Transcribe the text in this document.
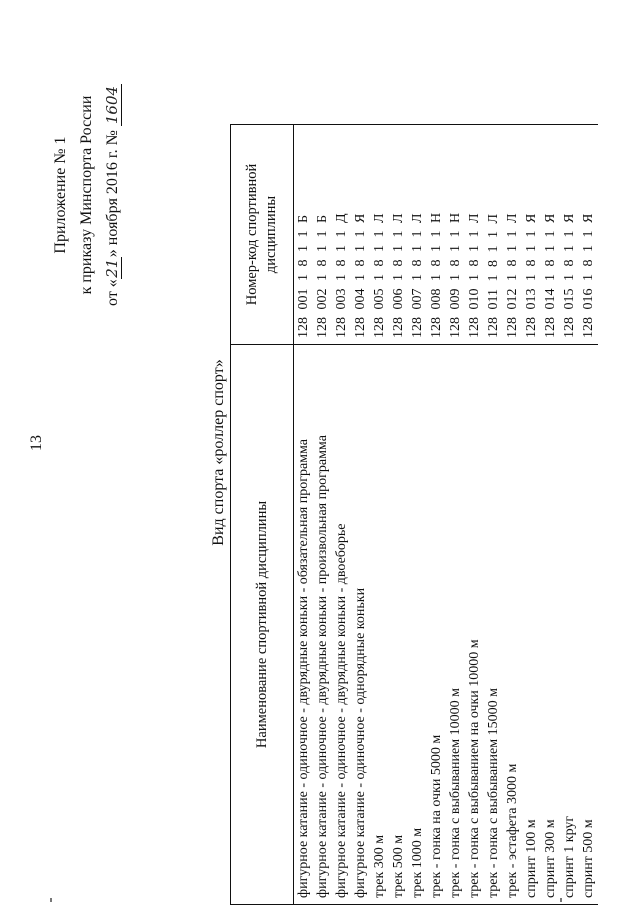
13
Приложение № 1 к приказу Минспорта России от «21» ноября 2016 г. № 1604
Вид спорта «роллер спорт»
Наименование спортивной дисциплины	Номер-код спортивной дисциплины
фигурное катание - одиночное - двурядные коньки - обязательная программа	128 001 1 8 1 1 Б
фигурное катание - одиночное - двурядные коньки - произвольная программа	128 002 1 8 1 1 Б
фигурное катание - одиночное - двурядные коньки - двоеборье	128 003 1 8 1 1 Д
фигурное катание - одиночное - однорядные коньки	128 004 1 8 1 1 Я
трек 300 м	128 005 1 8 1 1 Л
трек 500 м	128 006 1 8 1 1 Л
трек 1000 м	128 007 1 8 1 1 Л
трек - гонка на очки 5000 м	128 008 1 8 1 1 Н
трек - гонка с выбыванием 10000 м	128 009 1 8 1 1 Н
трек - гонка с выбыванием на очки 10000 м	128 010 1 8 1 1 Л
трек - гонка с выбыванием 15000 м	128 011 1 8 1 1 Л
трек - эстафета 3000 м	128 012 1 8 1 1 Л
спринт 100 м	128 013 1 8 1 1 Я
спринт 300 м	128 014 1 8 1 1 Я
спринт 1 круг	128 015 1 8 1 1 Я
спринт 500 м	128 016 1 8 1 1 Я
